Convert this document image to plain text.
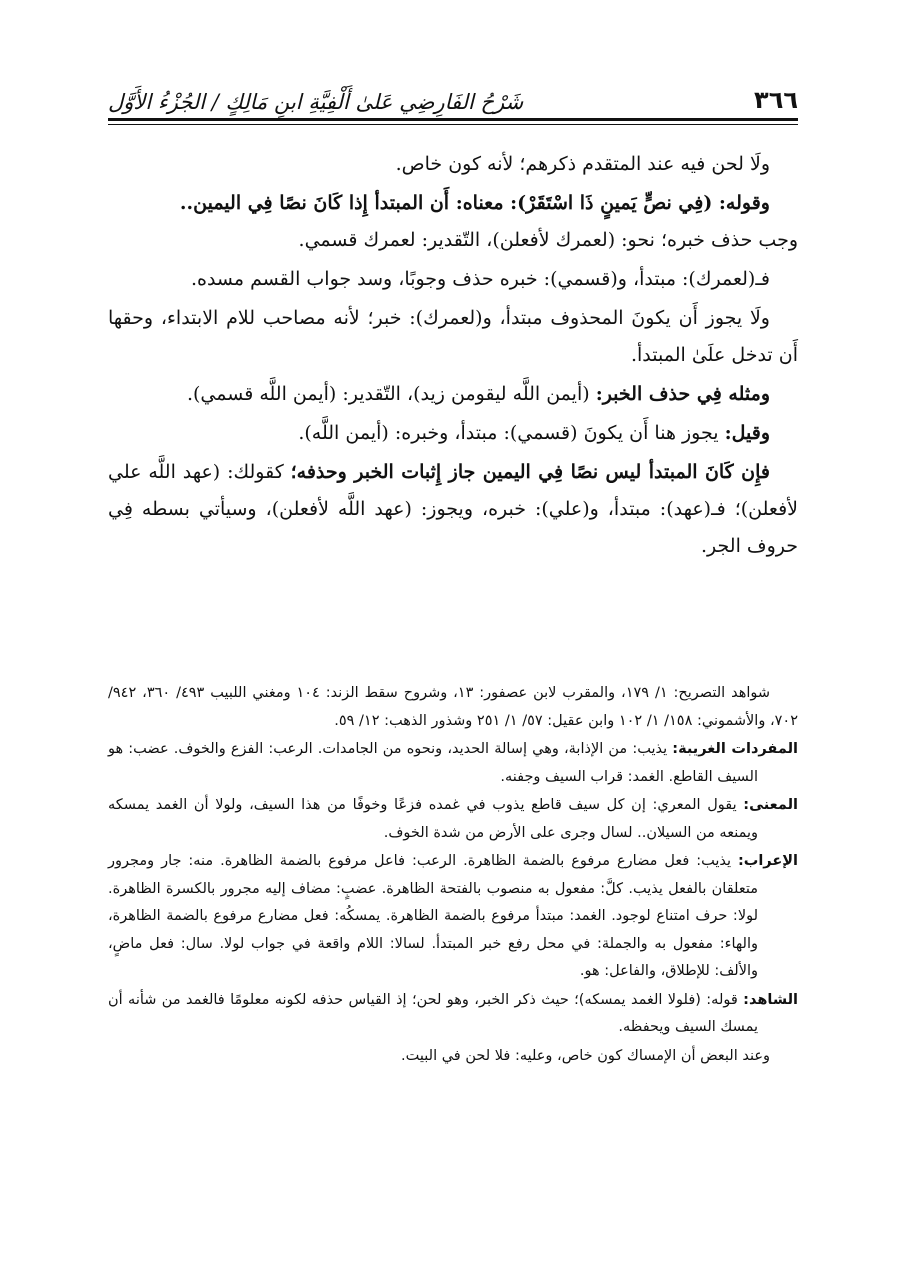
٣٦٦
شَرْحُ الفَارِضِي عَلىٰ أَلْفِيَّةِ ابنِ مَالِكٍ / الجُزْءُ الأَوَّل

ولَا لحن فيه عند المتقدم ذكرهم؛ لأنه كون خاص.

وقوله: (فِي نصٍّ يَمينٍ ذَا اسْتَقَرْ): معناه: أَن المبتدأ إِذا كَانَ نصًا فِي اليمين..
وجب حذف خبره؛ نحو: (لعمرك لأفعلن)، التّقدير: لعمرك قسمي.

فـ(لعمرك): مبتدأ، و(قسمي): خبره حذف وجوبًا، وسد جواب القسم مسده.

ولَا يجوز أَن يكونَ المحذوف مبتدأ، و(لعمرك): خبر؛ لأنه مصاحب للام الابتداء، وحقها أَن تدخل علَىٰ المبتدأ.

ومثله فِي حذف الخبر: (أيمن اللَّه ليقومن زيد)، التّقدير: (أيمن اللَّه قسمي).

وقيل: يجوز هنا أَن يكونَ (قسمي): مبتدأ، وخبره: (أيمن اللَّه).

فإِن كَانَ المبتدأ ليس نصًا فِي اليمين جاز إِثبات الخبر وحذفه؛ كقولك: (عهد اللَّه علي لأفعلن)؛ فـ(عهد): مبتدأ، و(علي): خبره، ويجوز: (عهد اللَّه لأفعلن)، وسيأتي بسطه فِي حروف الجر.

شواهد التصريح: ١/ ١٧٩، والمقرب لابن عصفور: ١٣، وشروح سقط الزند: ١٠٤ ومغني اللبيب ٤٩٣/ ٣٦٠، ٩٤٢/ ٧٠٢، والأشموني: ١٥٨/ ١/ ١٠٢ وابن عقيل: ٥٧/ ١/ ٢٥١ وشذور الذهب: ١٢/ ٥٩.

المفردات الغريبة: يذيب: من الإذابة، وهي إسالة الحديد، ونحوه من الجامدات. الرعب: الفزع والخوف. عضب: هو السيف القاطع. الغمد: قراب السيف وجفنه.

المعنى: يقول المعري: إن كل سيف قاطع يذوب في غمده فزعًا وخوفًا من هذا السيف، ولولا أن الغمد يمسكه ويمنعه من السيلان.. لسال وجرى على الأرض من شدة الخوف.

الإعراب: يذيب: فعل مضارع مرفوع بالضمة الظاهرة. الرعب: فاعل مرفوع بالضمة الظاهرة. منه: جار ومجرور متعلقان بالفعل يذيب. كلَّ: مفعول به منصوب بالفتحة الظاهرة. عضبٍ: مضاف إليه مجرور بالكسرة الظاهرة. لولا: حرف امتناع لوجود. الغمد: مبتدأ مرفوع بالضمة الظاهرة. يمسكُه: فعل مضارع مرفوع بالضمة الظاهرة، والهاء: مفعول به والجملة: في محل رفع خبر المبتدأ. لسالا: اللام واقعة في جواب لولا. سال: فعل ماضٍ، والألف: للإطلاق، والفاعل: هو.

الشاهد: قوله: (فلولا الغمد يمسكه)؛ حيث ذكر الخبر، وهو لحن؛ إذ القياس حذفه لكونه معلومًا فالغمد من شأنه أن يمسك السيف ويحفظه.

وعند البعض أن الإمساك كون خاص، وعليه: فلا لحن في البيت.
